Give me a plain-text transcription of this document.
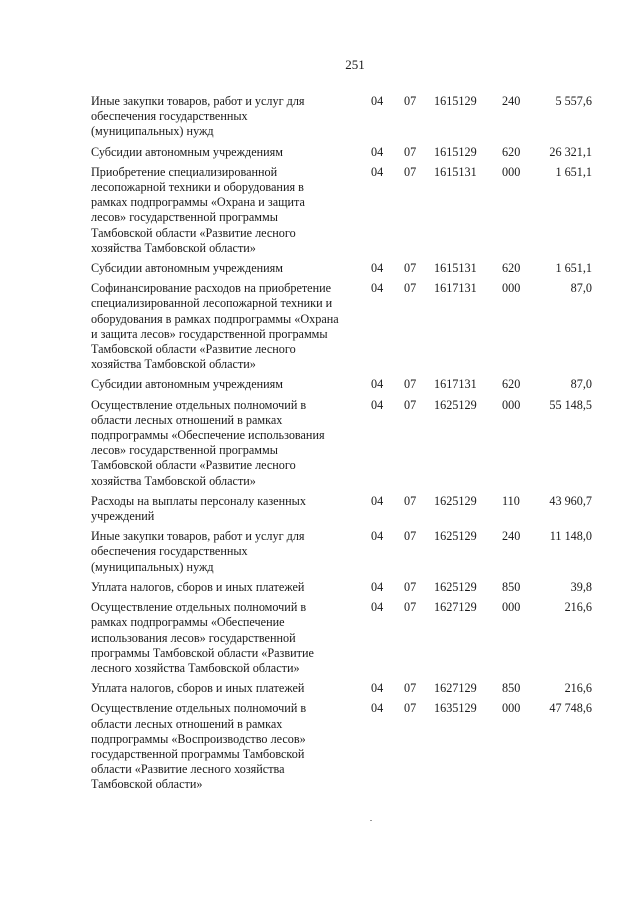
251
Иные закупки товаров, работ и услуг для обеспечения государственных (муниципальных) нужд	04	07	1615129	240	5 557,6
Субсидии автономным учреждениям	04	07	1615129	620	26 321,1
Приобретение специализированной лесопожарной техники и оборудования в рамках подпрограммы «Охрана и защита лесов» государственной программы Тамбовской области «Развитие лесного хозяйства Тамбовской области»	04	07	1615131	000	1 651,1
Субсидии автономным учреждениям	04	07	1615131	620	1 651,1
Софинансирование расходов на приобретение специализированной лесопожарной техники и оборудования в рамках подпрограммы «Охрана и защита лесов» государственной программы Тамбовской области «Развитие лесного хозяйства Тамбовской области»	04	07	1617131	000	87,0
Субсидии автономным учреждениям	04	07	1617131	620	87,0
Осуществление отдельных полномочий в области лесных отношений в рамках подпрограммы «Обеспечение использования лесов» государственной программы Тамбовской области «Развитие лесного хозяйства Тамбовской области»	04	07	1625129	000	55 148,5
Расходы на выплаты персоналу казенных учреждений	04	07	1625129	110	43 960,7
Иные закупки товаров, работ и услуг для обеспечения государственных (муниципальных) нужд	04	07	1625129	240	11 148,0
Уплата налогов, сборов и иных платежей	04	07	1625129	850	39,8
Осуществление отдельных полномочий в рамках подпрограммы «Обеспечение использования лесов» государственной программы Тамбовской области «Развитие лесного хозяйства Тамбовской области»	04	07	1627129	000	216,6
Уплата налогов, сборов и иных платежей	04	07	1627129	850	216,6
Осуществление отдельных полномочий в области лесных отношений в рамках подпрограммы «Воспроизводство лесов» государственной программы Тамбовской области «Развитие лесного хозяйства Тамбовской области»	04	07	1635129	000	47 748,6
